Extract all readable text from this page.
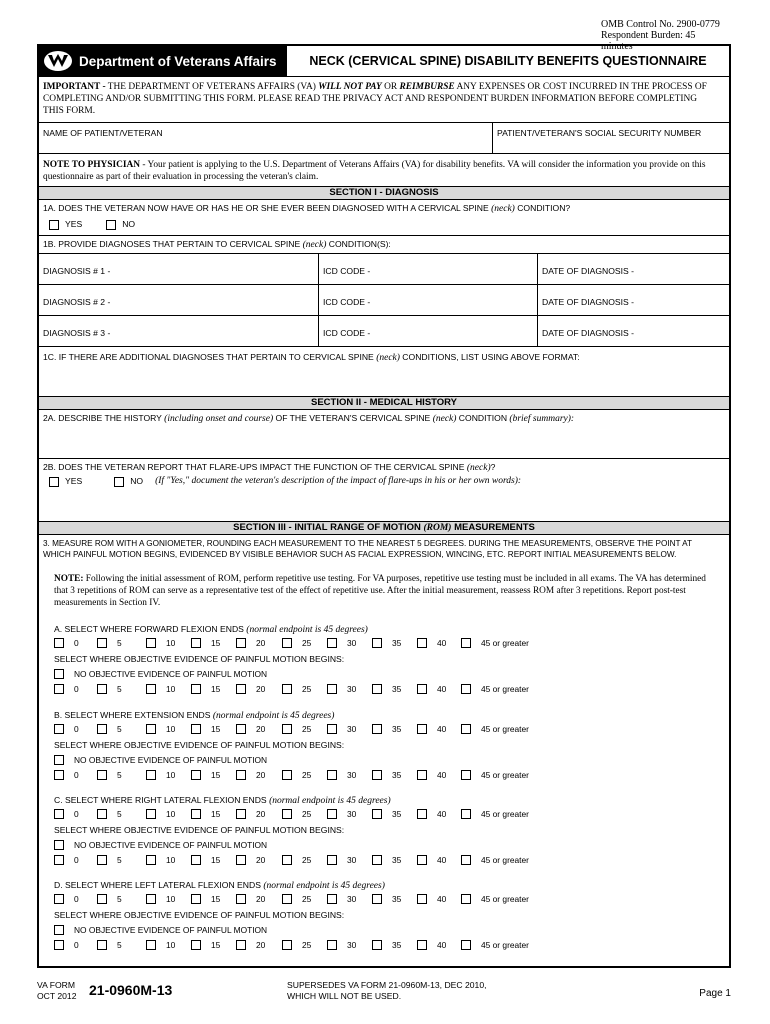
OMB Control No. 2900-0779
Respondent Burden: 45 minutes
Department of Veterans Affairs	NECK (CERVICAL SPINE) DISABILITY BENEFITS QUESTIONNAIRE
IMPORTANT - THE DEPARTMENT OF VETERANS AFFAIRS (VA) WILL NOT PAY OR REIMBURSE ANY EXPENSES OR COST INCURRED IN THE PROCESS OF COMPLETING AND/OR SUBMITTING THIS FORM. PLEASE READ THE PRIVACY ACT AND RESPONDENT BURDEN INFORMATION BEFORE COMPLETING THIS FORM.
NAME OF PATIENT/VETERAN	PATIENT/VETERAN'S SOCIAL SECURITY NUMBER
NOTE TO PHYSICIAN - Your patient is applying to the U.S. Department of Veterans Affairs (VA) for disability benefits. VA will consider the information you provide on this questionnaire as part of their evaluation in processing the veteran's claim.
SECTION I - DIAGNOSIS
1A. DOES THE VETERAN NOW HAVE OR HAS HE OR SHE EVER BEEN DIAGNOSED WITH A CERVICAL SPINE (neck) CONDITION?
YES	NO
1B. PROVIDE DIAGNOSES THAT PERTAIN TO CERVICAL SPINE (neck) CONDITION(S):
DIAGNOSIS # 1 -	ICD CODE -	DATE OF DIAGNOSIS -
DIAGNOSIS # 2 -	ICD CODE -	DATE OF DIAGNOSIS -
DIAGNOSIS # 3 -	ICD CODE -	DATE OF DIAGNOSIS -
1C. IF THERE ARE ADDITIONAL DIAGNOSES THAT PERTAIN TO CERVICAL SPINE (neck) CONDITIONS, LIST USING ABOVE FORMAT:
SECTION II - MEDICAL HISTORY
2A. DESCRIBE THE HISTORY (including onset and course) OF THE VETERAN'S CERVICAL SPINE (neck) CONDITION (brief summary):
2B. DOES THE VETERAN REPORT THAT FLARE-UPS IMPACT THE FUNCTION OF THE CERVICAL SPINE (neck)?
YES	NO (If "Yes," document the veteran's description of the impact of flare-ups in his or her own words):
SECTION III - INITIAL RANGE OF MOTION (ROM) MEASUREMENTS
3. MEASURE ROM WITH A GONIOMETER, ROUNDING EACH MEASUREMENT TO THE NEAREST 5 DEGREES. DURING THE MEASUREMENTS, OBSERVE THE POINT AT WHICH PAINFUL MOTION BEGINS, EVIDENCED BY VISIBLE BEHAVIOR SUCH AS FACIAL EXPRESSION, WINCING, ETC. REPORT INITIAL MEASUREMENTS BELOW.
NOTE: Following the initial assessment of ROM, perform repetitive use testing. For VA purposes, repetitive use testing must be included in all exams. The VA has determined that 3 repetitions of ROM can serve as a representative test of the effect of repetitive use. After the initial measurement, reassess ROM after 3 repetitions. Report post-test measurements in Section IV.
A. SELECT WHERE FORWARD FLEXION ENDS (normal endpoint is 45 degrees)
0	5	10	15	20	25	30	35	40	45 or greater
SELECT WHERE OBJECTIVE EVIDENCE OF PAINFUL MOTION BEGINS:
NO OBJECTIVE EVIDENCE OF PAINFUL MOTION
0	5	10	15	20	25	30	35	40	45 or greater
B. SELECT WHERE EXTENSION ENDS (normal endpoint is 45 degrees)
0	5	10	15	20	25	30	35	40	45 or greater
SELECT WHERE OBJECTIVE EVIDENCE OF PAINFUL MOTION BEGINS:
NO OBJECTIVE EVIDENCE OF PAINFUL MOTION
0	5	10	15	20	25	30	35	40	45 or greater
C. SELECT WHERE RIGHT LATERAL FLEXION ENDS (normal endpoint is 45 degrees)
0	5	10	15	20	25	30	35	40	45 or greater
SELECT WHERE OBJECTIVE EVIDENCE OF PAINFUL MOTION BEGINS:
NO OBJECTIVE EVIDENCE OF PAINFUL MOTION
0	5	10	15	20	25	30	35	40	45 or greater
D. SELECT WHERE LEFT LATERAL FLEXION ENDS (normal endpoint is 45 degrees)
0	5	10	15	20	25	30	35	40	45 or greater
SELECT WHERE OBJECTIVE EVIDENCE OF PAINFUL MOTION BEGINS:
NO OBJECTIVE EVIDENCE OF PAINFUL MOTION
0	5	10	15	20	25	30	35	40	45 or greater
VA FORM
OCT 2012 21-0960M-13	SUPERSEDES VA FORM 21-0960M-13, DEC 2010,
WHICH WILL NOT BE USED.	Page 1
